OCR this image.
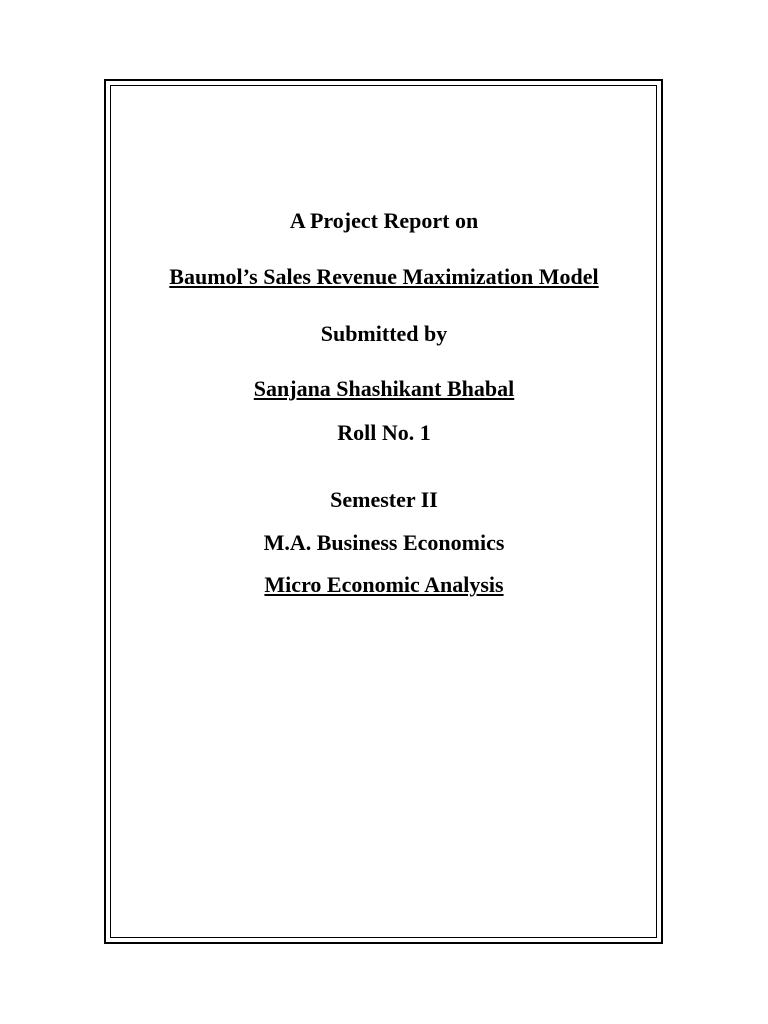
A Project Report on
Baumol’s Sales Revenue Maximization Model
Submitted by
Sanjana Shashikant Bhabal
Roll No. 1
Semester II
M.A. Business Economics
Micro Economic Analysis
